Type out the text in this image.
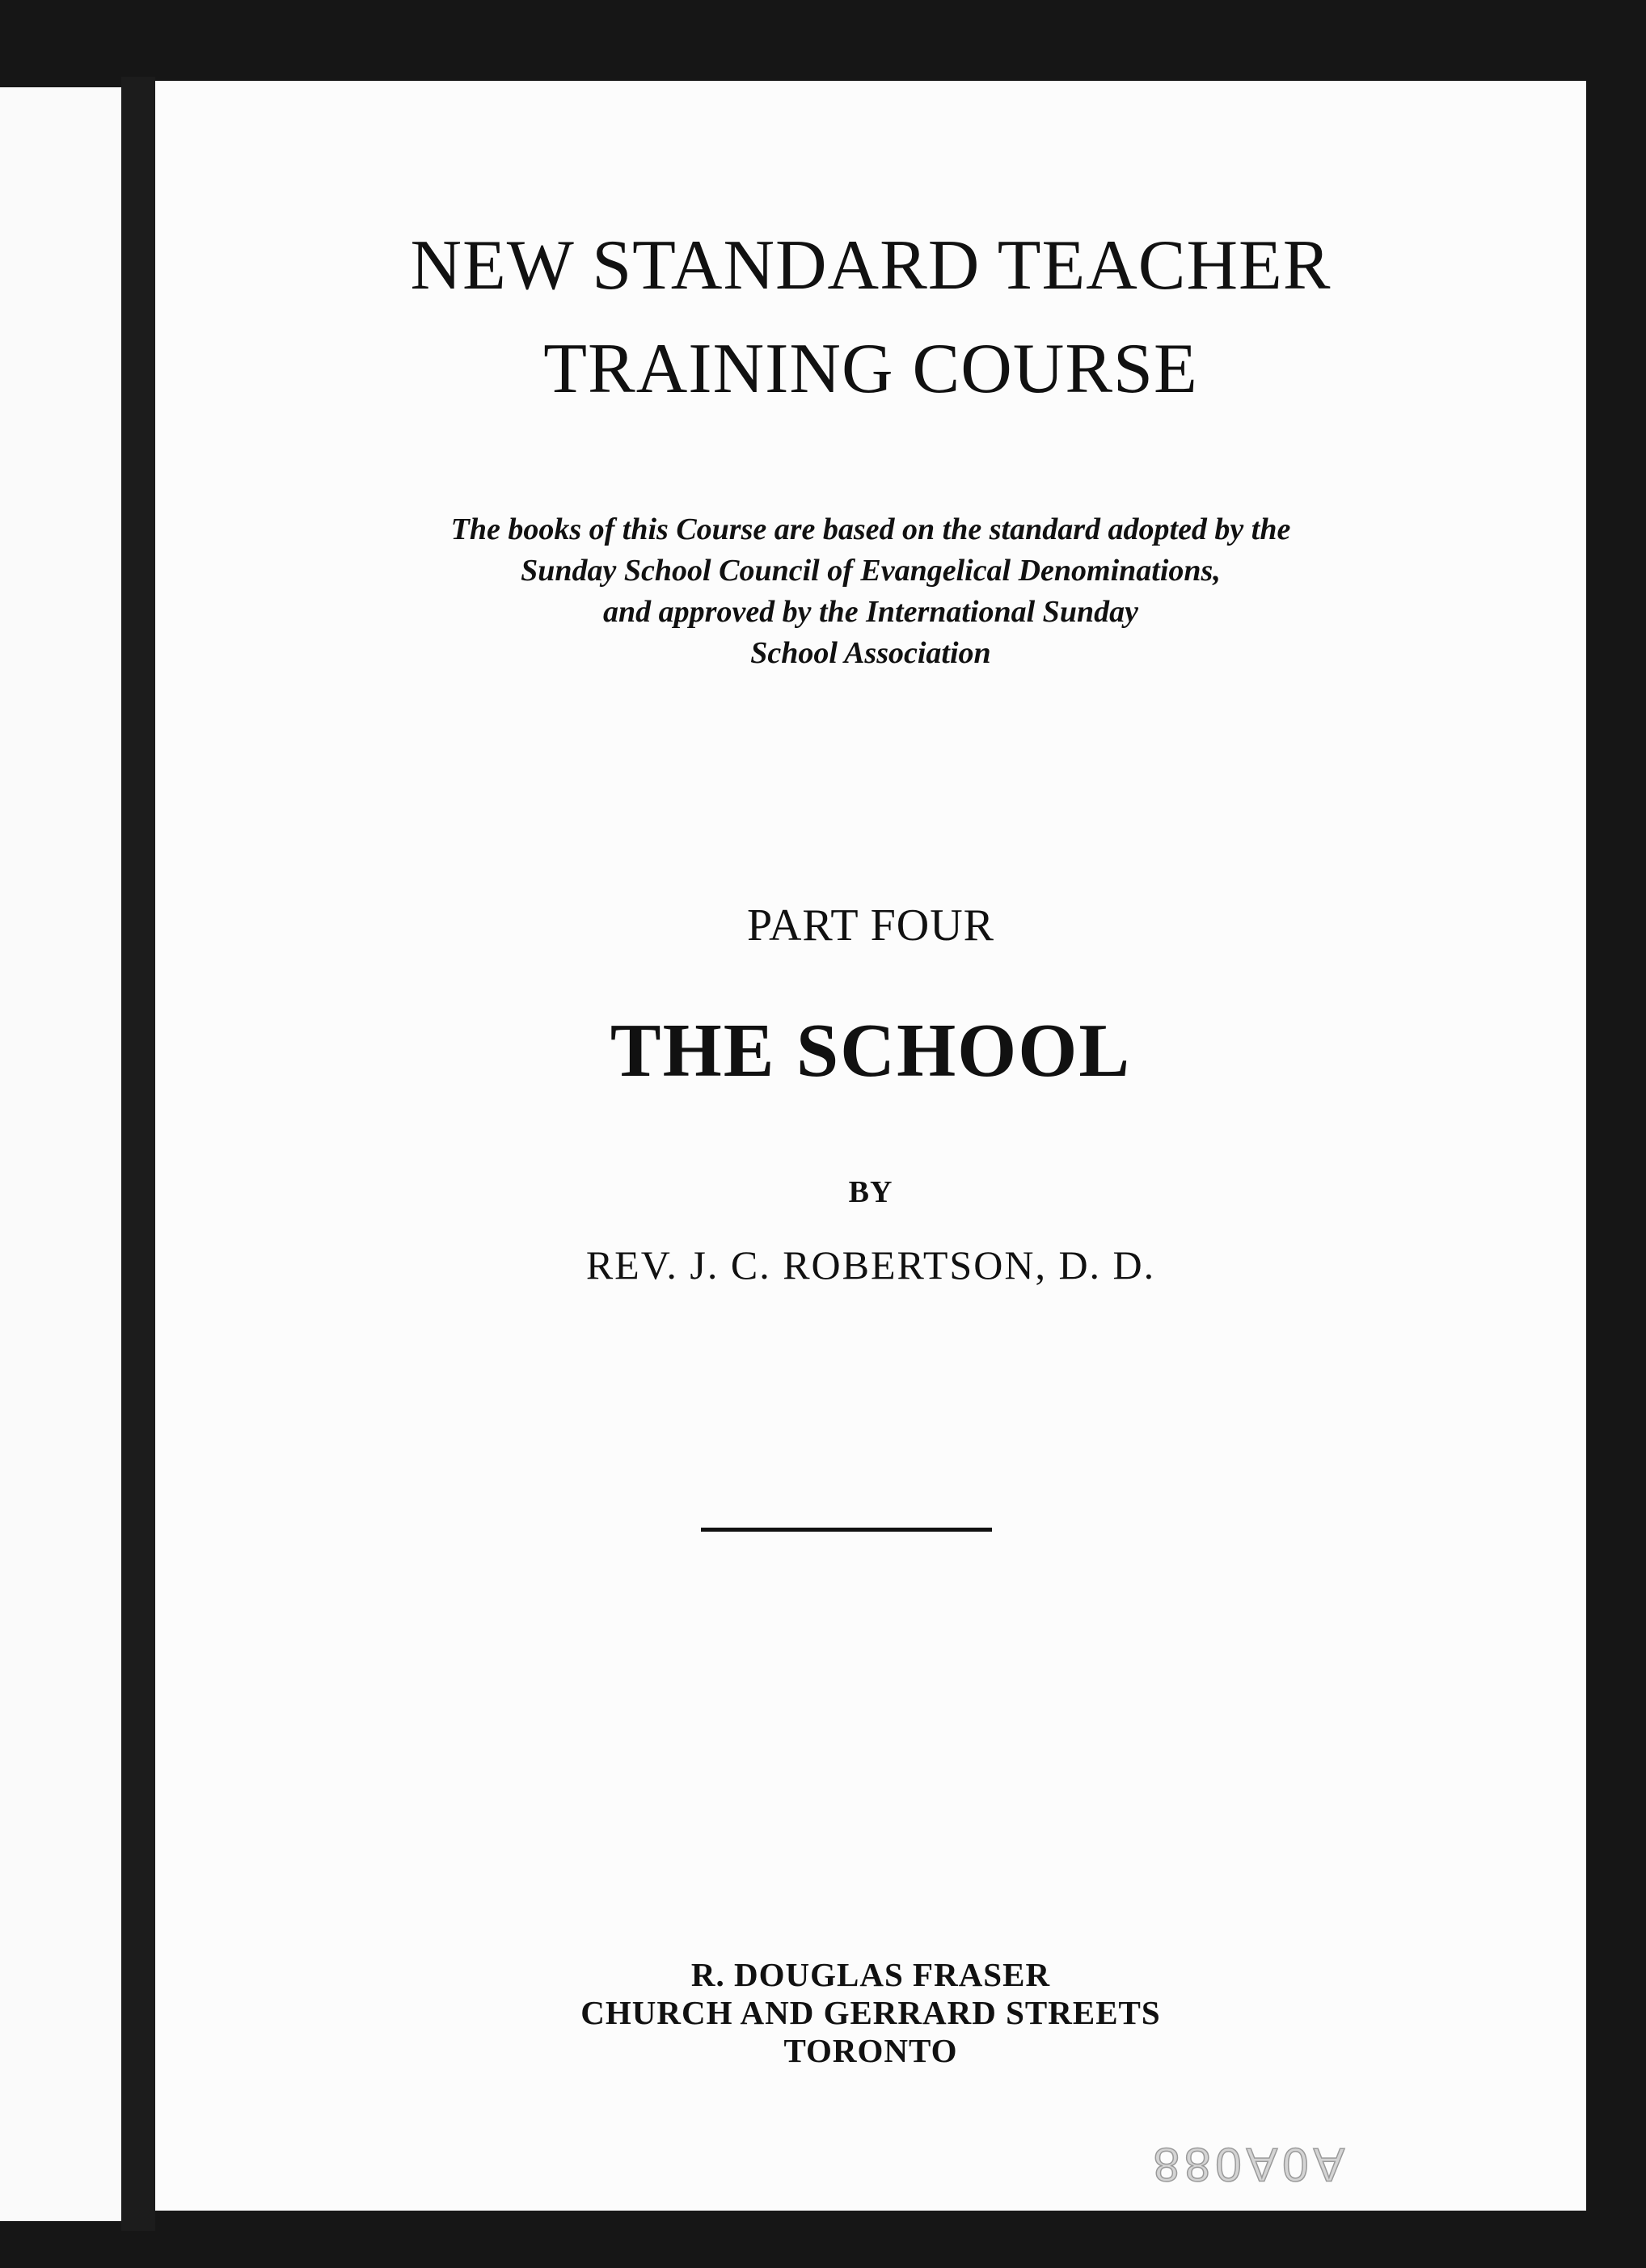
NEW STANDARD TEACHER
TRAINING COURSE
The books of this Course are based on the standard adopted by the
Sunday School Council of Evangelical Denominations,
and approved by the International Sunday
School Association
PART FOUR
THE SCHOOL
BY
REV. J. C. ROBERTSON, D. D.
R. DOUGLAS FRASER
CHURCH AND GERRARD STREETS
TORONTO
A0A088
